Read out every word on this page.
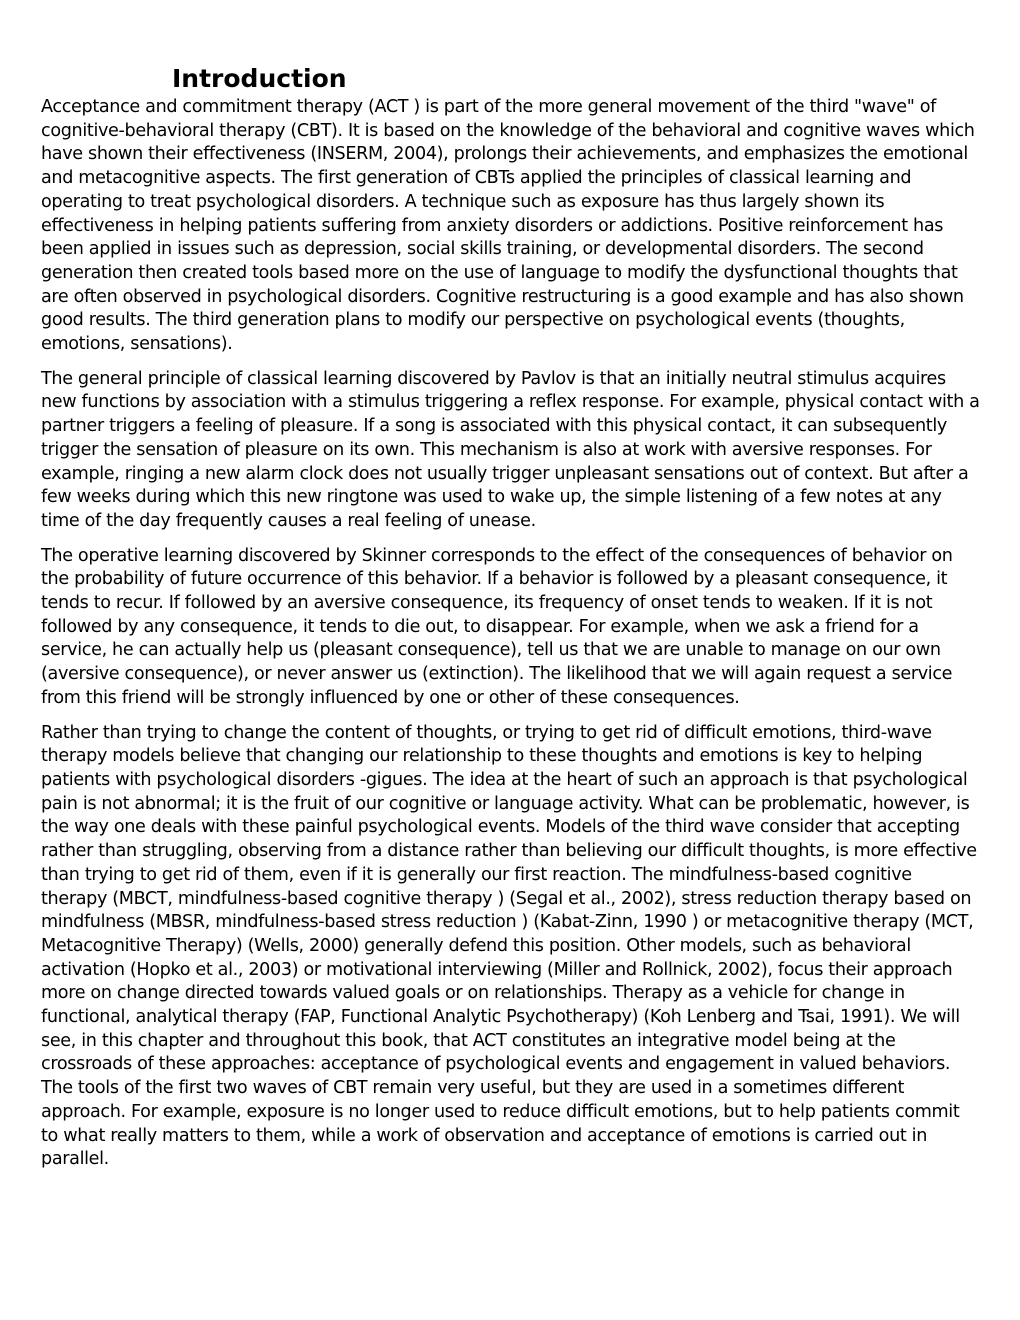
Introduction

Acceptance and commitment therapy (ACT ) is part of the more general movement of the third "wave" of cognitive-behavioral therapy (CBT). It is based on the knowledge of the behavioral and cognitive waves which have shown their effectiveness (INSERM, 2004), prolongs their achievements, and emphasizes the emotional and metacognitive aspects. The first generation of CBTs applied the principles of classical learning and operating to treat psychological disorders. A technique such as exposure has thus largely shown its effectiveness in helping patients suffering from anxiety disorders or addictions. Positive reinforcement has been applied in issues such as depression, social skills training, or developmental disorders. The second generation then created tools based more on the use of language to modify the dysfunctional thoughts that are often observed in psychological disorders. Cognitive restructuring is a good example and has also shown good results. The third generation plans to modify our perspective on psychological events (thoughts, emotions, sensations).

The general principle of classical learning discovered by Pavlov is that an initially neutral stimulus acquires new functions by association with a stimulus triggering a reflex response. For example, physical contact with a partner triggers a feeling of pleasure. If a song is associated with this physical contact, it can subsequently trigger the sensation of pleasure on its own. This mechanism is also at work with aversive responses. For example, ringing a new alarm clock does not usually trigger unpleasant sensations out of context. But after a few weeks during which this new ringtone was used to wake up, the simple listening of a few notes at any time of the day frequently causes a real feeling of unease.

The operative learning discovered by Skinner corresponds to the effect of the consequences of behavior on the probability of future occurrence of this behavior. If a behavior is followed by a pleasant consequence, it tends to recur. If followed by an aversive consequence, its frequency of onset tends to weaken. If it is not followed by any consequence, it tends to die out, to disappear. For example, when we ask a friend for a service, he can actually help us (pleasant consequence), tell us that we are unable to manage on our own (aversive consequence), or never answer us (extinction). The likelihood that we will again request a service from this friend will be strongly influenced by one or other of these consequences.

Rather than trying to change the content of thoughts, or trying to get rid of difficult emotions, third-wave therapy models believe that changing our relationship to these thoughts and emotions is key to helping patients with psychological disorders -gigues. The idea at the heart of such an approach is that psychological pain is not abnormal; it is the fruit of our cognitive or language activity. What can be problematic, however, is the way one deals with these painful psychological events. Models of the third wave consider that accepting rather than struggling, observing from a distance rather than believing our difficult thoughts, is more effective than trying to get rid of them, even if it is generally our first reaction. The mindfulness-based cognitive therapy (MBCT, mindfulness-based cognitive therapy ) (Segal et al., 2002), stress reduction therapy based on mindfulness (MBSR, mindfulness-based stress reduction ) (Kabat-Zinn, 1990 ) or metacognitive therapy (MCT, Metacognitive Therapy) (Wells, 2000) generally defend this position. Other models, such as behavioral activation (Hopko et al., 2003) or motivational interviewing (Miller and Rollnick, 2002), focus their approach more on change directed towards valued goals or on relationships. Therapy as a vehicle for change in functional, analytical therapy (FAP, Functional Analytic Psychotherapy) (Koh Lenberg and Tsai, 1991). We will see, in this chapter and throughout this book, that ACT constitutes an integrative model being at the crossroads of these approaches: acceptance of psychological events and engagement in valued behaviors. The tools of the first two waves of CBT remain very useful, but they are used in a sometimes different approach. For example, exposure is no longer used to reduce difficult emotions, but to help patients commit to what really matters to them, while a work of observation and acceptance of emotions is carried out in parallel.
